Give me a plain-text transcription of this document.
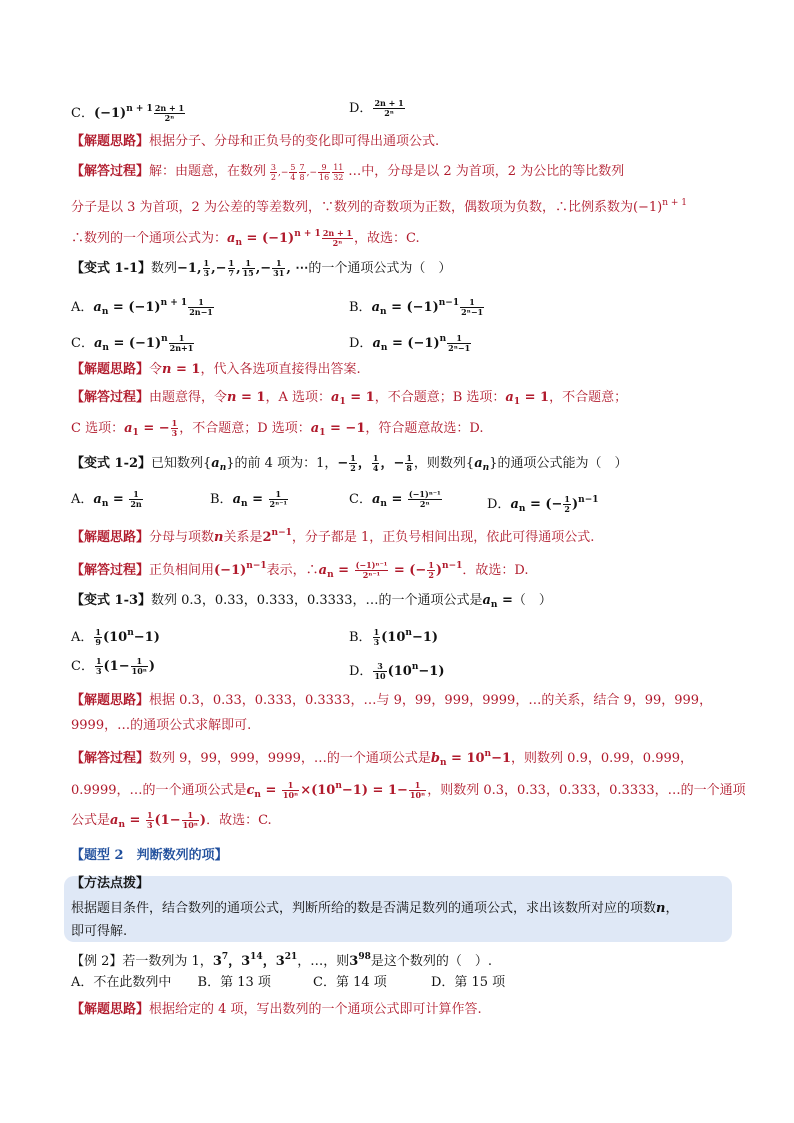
C．$(-1)^{n + 1} \frac{2n + 1}{\text{2ⁿ}}$	D． $\frac{2n + 1}{\text{2ⁿ}}$
【解题思路】根据分子、分母和正负号的变化即可得出通项公式.
【解答过程】解：由题意，在数列 $\frac{3}{2}$ ,− $\frac{5}{4} \frac{7}{8}$ ,− $\frac{9}{16} \frac{11}{32}$ …中，分母是以 2 为首项，2 为公比的等比数列
分子是以 3 为首项，2 为公差的等差数列，∵数列的奇数项为正数，偶数项为负数，∴比例系数为$(-1)^{n + 1}$
∴数列的一个通项公式为：$a_n = (-1)^{n + 1} \frac{2n + 1}{\text{2ⁿ}}$ ，故选：C.
【变式 1-1】数列−1, $\frac{1}{3}$ ,− $\frac{1}{7}$ , $\frac{1}{15}$ ,− $\frac{1}{31}$ , ⋯的一个通项公式为（　）
A．$a_n = (-1)^{n + 1} \frac{1}{2n-1}$	B．$a_n = (-1)^{n-1} \frac{1}{\text{2ⁿ−1}}$
C．$a_n = (-1)^n \frac{1}{2n+1}$	D．$a_n = (-1)^n \frac{1}{\text{2ⁿ−1}}$
【解题思路】令n = 1，代入各选项直接得出答案.
【解答过程】由题意得，令n = 1，A 选项：$a_1 = 1$，不合题意；B 选项：$a_1 = 1$，不合题意；
C 选项：$a_1$ = − $\frac{1}{3}$ ，不合题意；D 选项：$a_1 = -1$，符合题意故选：D.
【变式 1-2】已知数列$\{a_n\}$的前 4 项为：1，− $\frac{1}{2}$ ， $\frac{1}{4}$ ，− $\frac{1}{8}$ ，则数列$\{a_n\}$的通项公式能为（　）
A．$a_n = \frac{1}{2n}$	B．$a_n = \frac{1}{\text{2ⁿ⁻¹}}$	C．$a_n = \frac{\text{(−1)ⁿ⁻¹}}{\text{2ⁿ}}$	D．$a_n$ = (− $\frac{1}{2} )^{n-1}$
【解题思路】分母与项数n关系是$2^{n-1}$，分子都是 1，正负号相间出现，依此可得通项公式.
【解答过程】正负相间用$(-1)^{n-1}$表示，$\therefore a_n = \frac{\text{(−1)ⁿ⁻¹}}{\text{2ⁿ⁻¹}}$ = (− $\frac{1}{2} )^{n-1}$．故选：D.
【变式 1-3】数列 0.3，0.33，0.333，0.3333，…的一个通项公式是$a_n$ =（　）
A． $\frac{1}{9} (10^n-1)$	B． $\frac{1}{3} (10^n-1)$
C． $\frac{1}{3} (1- \frac{1}{\text{10ⁿ}}$ )	D． $\frac{3}{10} (10^n-1)$
【解题思路】根据 0.3，0.33，0.333，0.3333，…与 9，99，999，9999，…的关系，结合 9，99，999，
9999，…的通项公式求解即可.
【解答过程】数列 9，99，999，9999，…的一个通项公式是$b_n = 10^n-1$，则数列 0.9，0.99，0.999，
0.9999，…的一个通项公式是$c_n = \frac{1}{\text{10ⁿ}} \times(10^n-1) = 1- \frac{1}{\text{10ⁿ}}$ ，则数列 0.3，0.33，0.333，0.3333，…的一个通项
公式是$a_n = \frac{1}{3} (1- \frac{1}{\text{10ⁿ}}$ )．故选：C.
【题型 2　判断数列的项】
【方法点拨】
根据题目条件，结合数列的通项公式，判断所给的数是否满足数列的通项公式，求出该数所对应的项数n，
即可得解.
【例 2】若一数列为 1，$3^7$，$3^{14}$，$3^{21}$，…，则$3^{98}$是这个数列的（　）.
A．不在此数列中 B．第 13 项	C．第 14 项	D．第 15 项
【解题思路】根据给定的 4 项，写出数列的一个通项公式即可计算作答.
